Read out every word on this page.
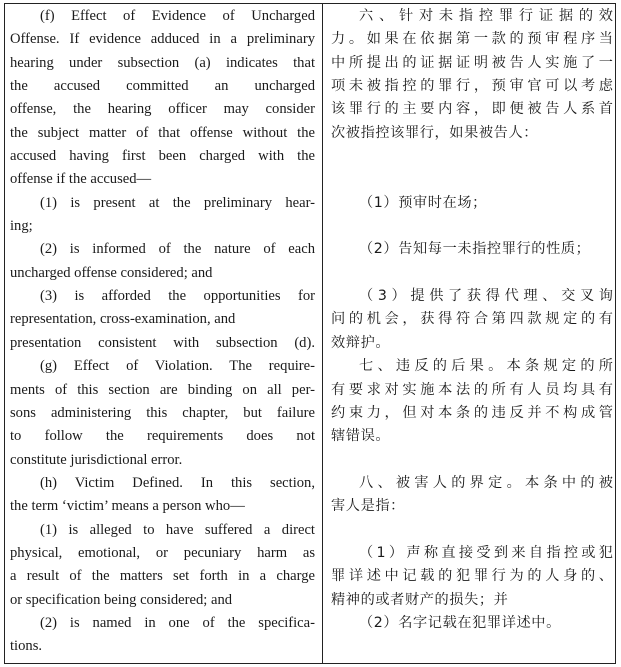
(f) Effect of Evidence of Uncharged
Offense. If evidence adduced in a preliminary
hearing under subsection (a) indicates that
the accused committed an uncharged
offense, the hearing officer may consider
the subject matter of that offense without the
accused having first been charged with the
offense if the accused—
(1) is present at the preliminary hear-
ing;
(2) is informed of the nature of each
uncharged offense considered; and
(3) is afforded the opportunities for
representation, cross-examination, and
presentation consistent with subsection (d).
(g) Effect of Violation. The require-
ments of this section are binding on all per-
sons administering this chapter, but failure
to follow the requirements does not
constitute jurisdictional error.
(h) Victim Defined. In this section,
the term ‘victim’ means a person who—
(1) is alleged to have suffered a direct
physical, emotional, or pecuniary harm as
a result of the matters set forth in a charge
or specification being considered; and
(2) is named in one of the specifica-
tions.
六、针对未指控罪行证据的效
力。如果在依据第一款的预审程序当
中所提出的证据证明被告人实施了一
项未被指控的罪行，预审官可以考虑
该罪行的主要内容，即便被告人系首
次被指控该罪行，如果被告人：
（1）预审时在场；
（2）告知每一未指控罪行的性质；
（3）提供了获得代理、交叉询
问的机会，获得符合第四款规定的有
效辩护。
七、违反的后果。本条规定的所
有要求对实施本法的所有人员均具有
约束力，但对本条的违反并不构成管
辖错误。
八、被害人的界定。本条中的被
害人是指：
（1）声称直接受到来自指控或犯
罪详述中记载的犯罪行为的人身的、
精神的或者财产的损失；并
（2）名字记载在犯罪详述中。
